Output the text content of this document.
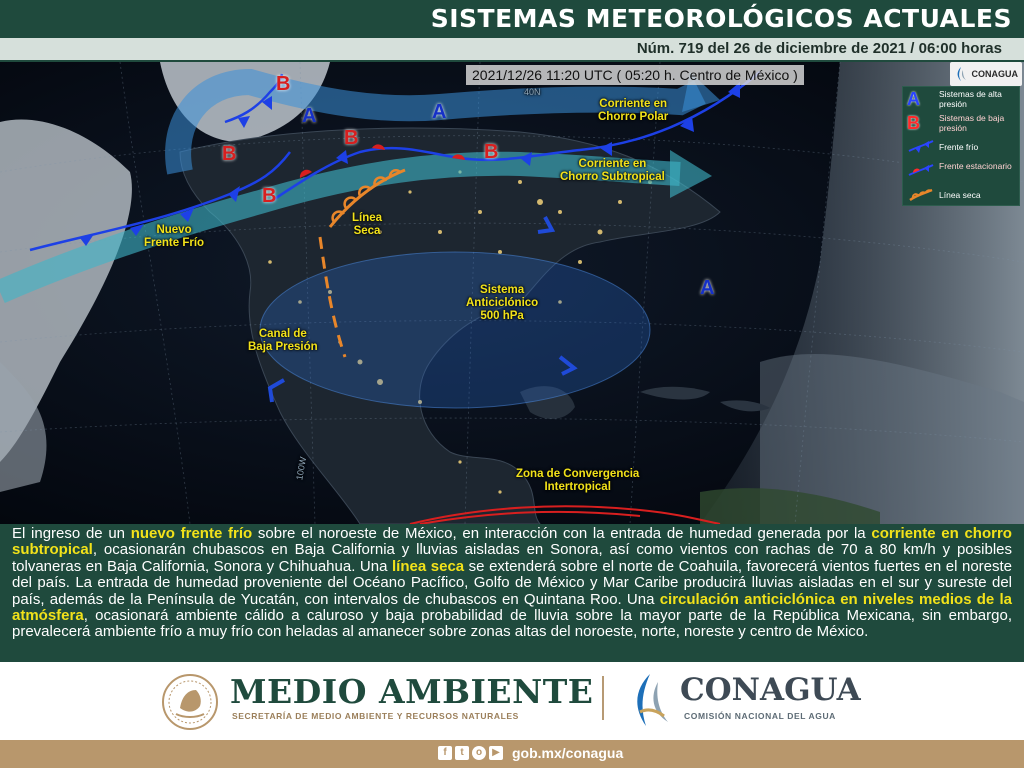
SISTEMAS METEOROLÓGICOS ACTUALES
Núm. 719 del 26 de diciembre de 2021 / 06:00 horas
2021/12/26 11:20 UTC ( 05:20 h. Centro de México )	CONAGUA
B
A	A
B
B
B
B
A
Corriente en
Chorro Polar
Corriente en
Chorro Subtropical
Nuevo
Frente Frío
Línea
Seca
Sistema
Anticiclónico
500 hPa
Canal de
Baja Presión
Zona de Convergencia
Intertropical
100W
40N	A	Sistemas de alta presión
B	Sistemas de baja presión
Frente frío
Frente estacionario
Línea seca
El ingreso de un nuevo frente frío sobre el noroeste de México, en interacción con la entrada de humedad generada por la corriente en chorro subtropical, ocasionarán chubascos en Baja California y lluvias aisladas en Sonora, así como vientos con rachas de 70 a 80 km/h y posibles tolvaneras en Baja California, Sonora y Chihuahua. Una línea seca se extenderá sobre el norte de Coahuila, favorecerá vientos fuertes en el noreste del país. La entrada de humedad proveniente del Océano Pacífico, Golfo de México y Mar Caribe producirá lluvias aisladas en el sur y sureste del país, además de la Península de Yucatán, con intervalos de chubascos en Quintana Roo. Una circulación anticiclónica en niveles medios de la atmósfera, ocasionará ambiente cálido a caluroso y baja probabilidad de lluvia sobre la mayor parte de la República Mexicana, sin embargo, prevalecerá ambiente frío a muy frío con heladas al amanecer sobre zonas altas del noroeste, norte, noreste y centro de México.
MEDIO AMBIENTE
SECRETARÍA DE MEDIO AMBIENTE Y RECURSOS NATURALES
CONAGUA
COMISIÓN NACIONAL DEL AGUA
f	t	o	▶ gob.mx/conagua
